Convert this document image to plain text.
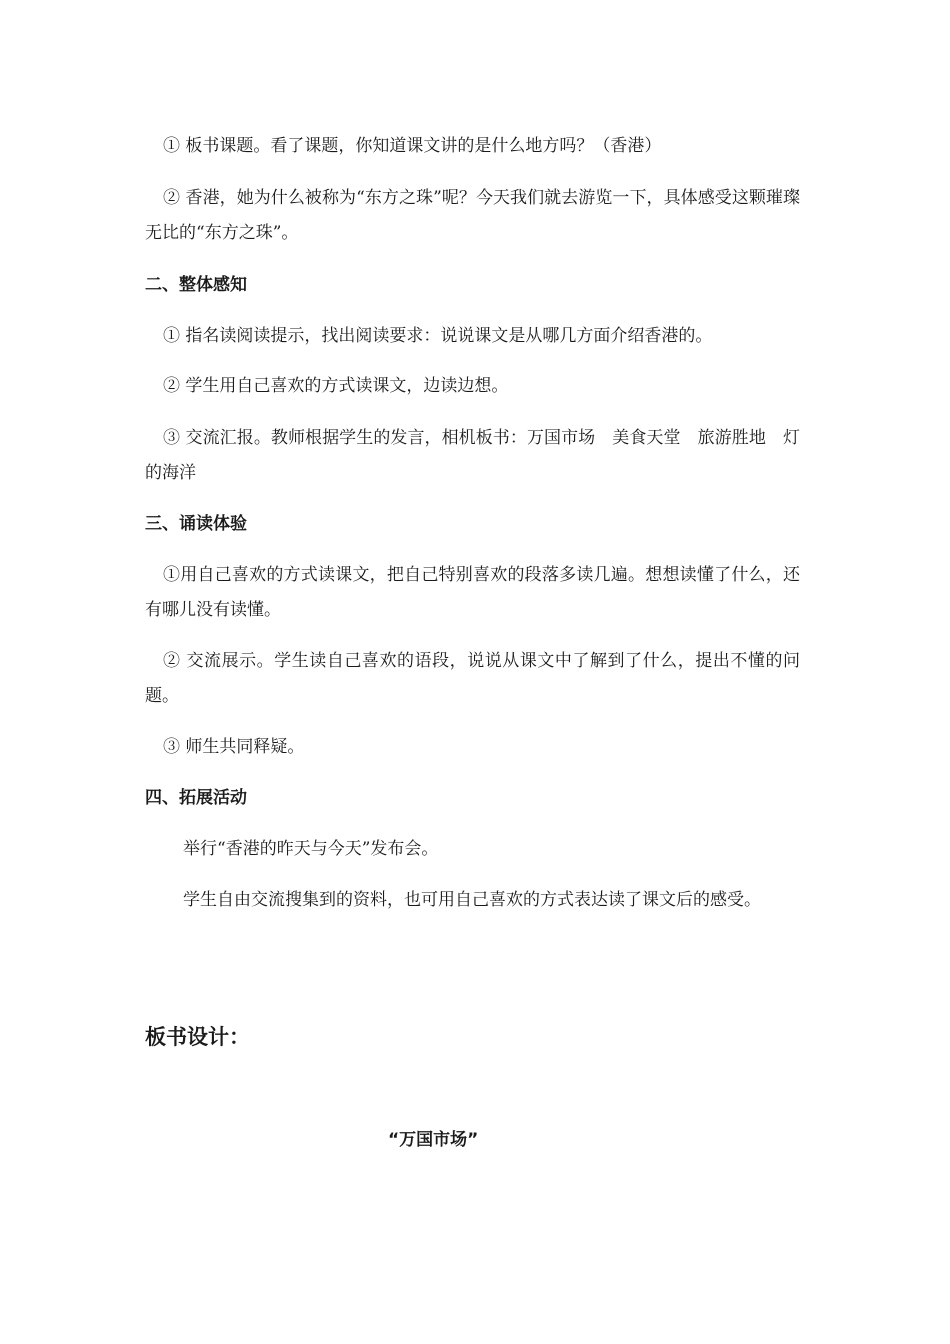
① 板书课题。看了课题，你知道课文讲的是什么地方吗？（香港）

② 香港，她为什么被称为“东方之珠”呢？今天我们就去游览一下，具体感受这颗璀璨无比的“东方之珠”。

二、整体感知

① 指名读阅读提示，找出阅读要求：说说课文是从哪几方面介绍香港的。

② 学生用自己喜欢的方式读课文，边读边想。

③ 交流汇报。教师根据学生的发言，相机板书：万国市场　美食天堂　旅游胜地　灯的海洋

三、诵读体验

①用自己喜欢的方式读课文，把自己特别喜欢的段落多读几遍。想想读懂了什么，还有哪儿没有读懂。

② 交流展示。学生读自己喜欢的语段，说说从课文中了解到了什么，提出不懂的问题。

③ 师生共同释疑。

四、拓展活动

举行“香港的昨天与今天”发布会。

学生自由交流搜集到的资料，也可用自己喜欢的方式表达读了课文后的感受。

板书设计：

“万国市场”
